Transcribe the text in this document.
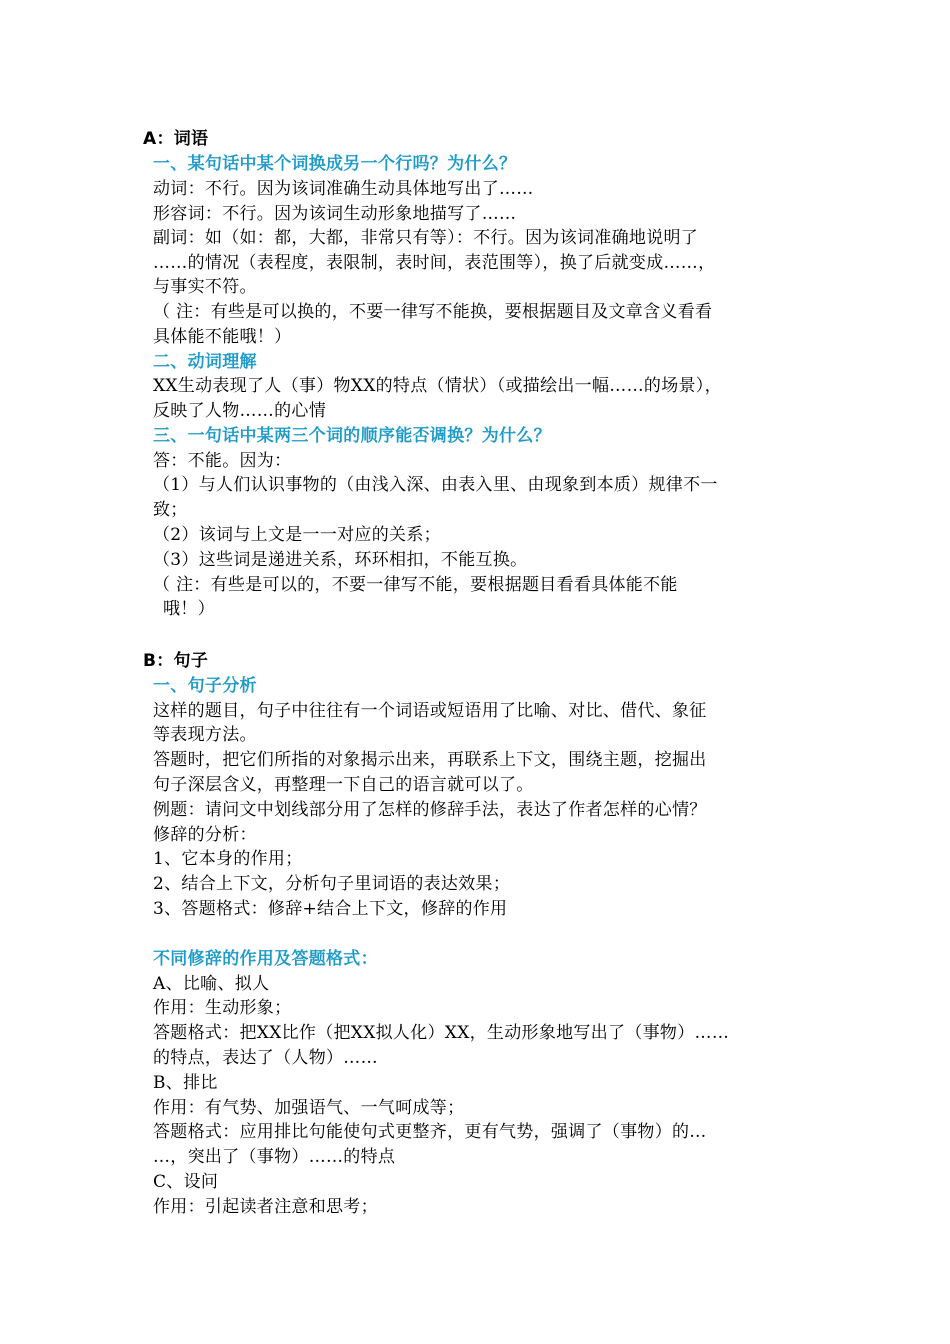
A：词语
一、某句话中某个词换成另一个行吗？为什么？
动词：不行。因为该词准确生动具体地写出了……
形容词：不行。因为该词生动形象地描写了……
副词：如（如：都，大都，非常只有等）：不行。因为该词准确地说明了
……的情况（表程度，表限制，表时间，表范围等），换了后就变成……，
与事实不符。
（ 注：有些是可以换的，不要一律写不能换，要根据题目及文章含义看看
具体能不能哦！）
二、动词理解
XX生动表现了人（事）物XX的特点（情状）（或描绘出一幅……的场景），
反映了人物……的心情
三、一句话中某两三个词的顺序能否调换？为什么？
答：不能。因为：
（1）与人们认识事物的（由浅入深、由表入里、由现象到本质）规律不一
致；
（2）该词与上文是一一对应的关系；
（3）这些词是递进关系，环环相扣，不能互换。
（ 注：有些是可以的，不要一律写不能，要根据题目看看具体能不能
哦！）
B：句子
一、句子分析
这样的题目，句子中往往有一个词语或短语用了比喻、对比、借代、象征
等表现方法。
答题时，把它们所指的对象揭示出来，再联系上下文，围绕主题，挖掘出
句子深层含义，再整理一下自己的语言就可以了。
例题：请问文中划线部分用了怎样的修辞手法，表达了作者怎样的心情？
修辞的分析：
1、它本身的作用；
2、结合上下文，分析句子里词语的表达效果；
3、答题格式：修辞+结合上下文，修辞的作用
不同修辞的作用及答题格式：
A、比喻、拟人
作用：生动形象；
答题格式：把XX比作（把XX拟人化）XX，生动形象地写出了（事物）……
的特点，表达了（人物）……
B、排比
作用：有气势、加强语气、一气呵成等；
答题格式：应用排比句能使句式更整齐，更有气势，强调了（事物）的…
…，突出了（事物）……的特点
C、设问
作用：引起读者注意和思考；
